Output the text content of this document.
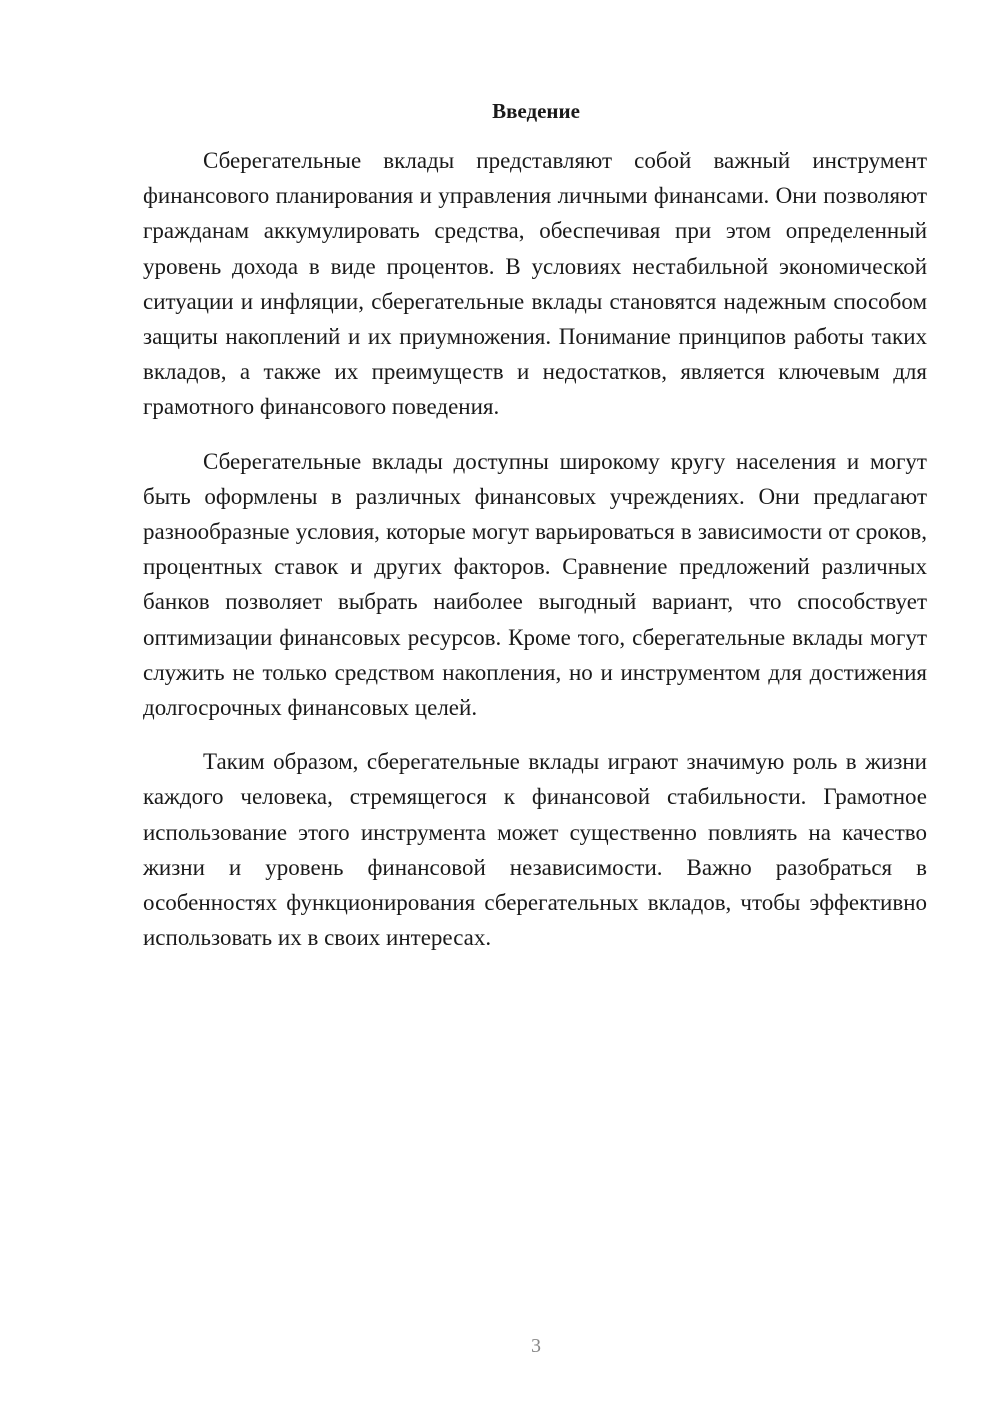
Введение

Сберегательные вклады представляют собой важный инструмент финансового планирования и управления личными финансами. Они позволяют гражданам аккумулировать средства, обеспечивая при этом определенный уровень дохода в виде процентов. В условиях нестабильной экономической ситуации и инфляции, сберегательные вклады становятся надежным способом защиты накоплений и их приумножения. Понимание принципов работы таких вкладов, а также их преимуществ и недостатков, является ключевым для грамотного финансового поведения.

Сберегательные вклады доступны широкому кругу населения и могут быть оформлены в различных финансовых учреждениях. Они предлагают разнообразные условия, которые могут варьироваться в зависимости от сроков, процентных ставок и других факторов. Сравнение предложений различных банков позволяет выбрать наиболее выгодный вариант, что способствует оптимизации финансовых ресурсов. Кроме того, сберегательные вклады могут служить не только средством накопления, но и инструментом для достижения долгосрочных финансовых целей.

Таким образом, сберегательные вклады играют значимую роль в жизни каждого человека, стремящегося к финансовой стабильности. Грамотное использование этого инструмента может существенно повлиять на качество жизни и уровень финансовой независимости. Важно разобраться в особенностях функционирования сберегательных вкладов, чтобы эффективно использовать их в своих интересах.

3
